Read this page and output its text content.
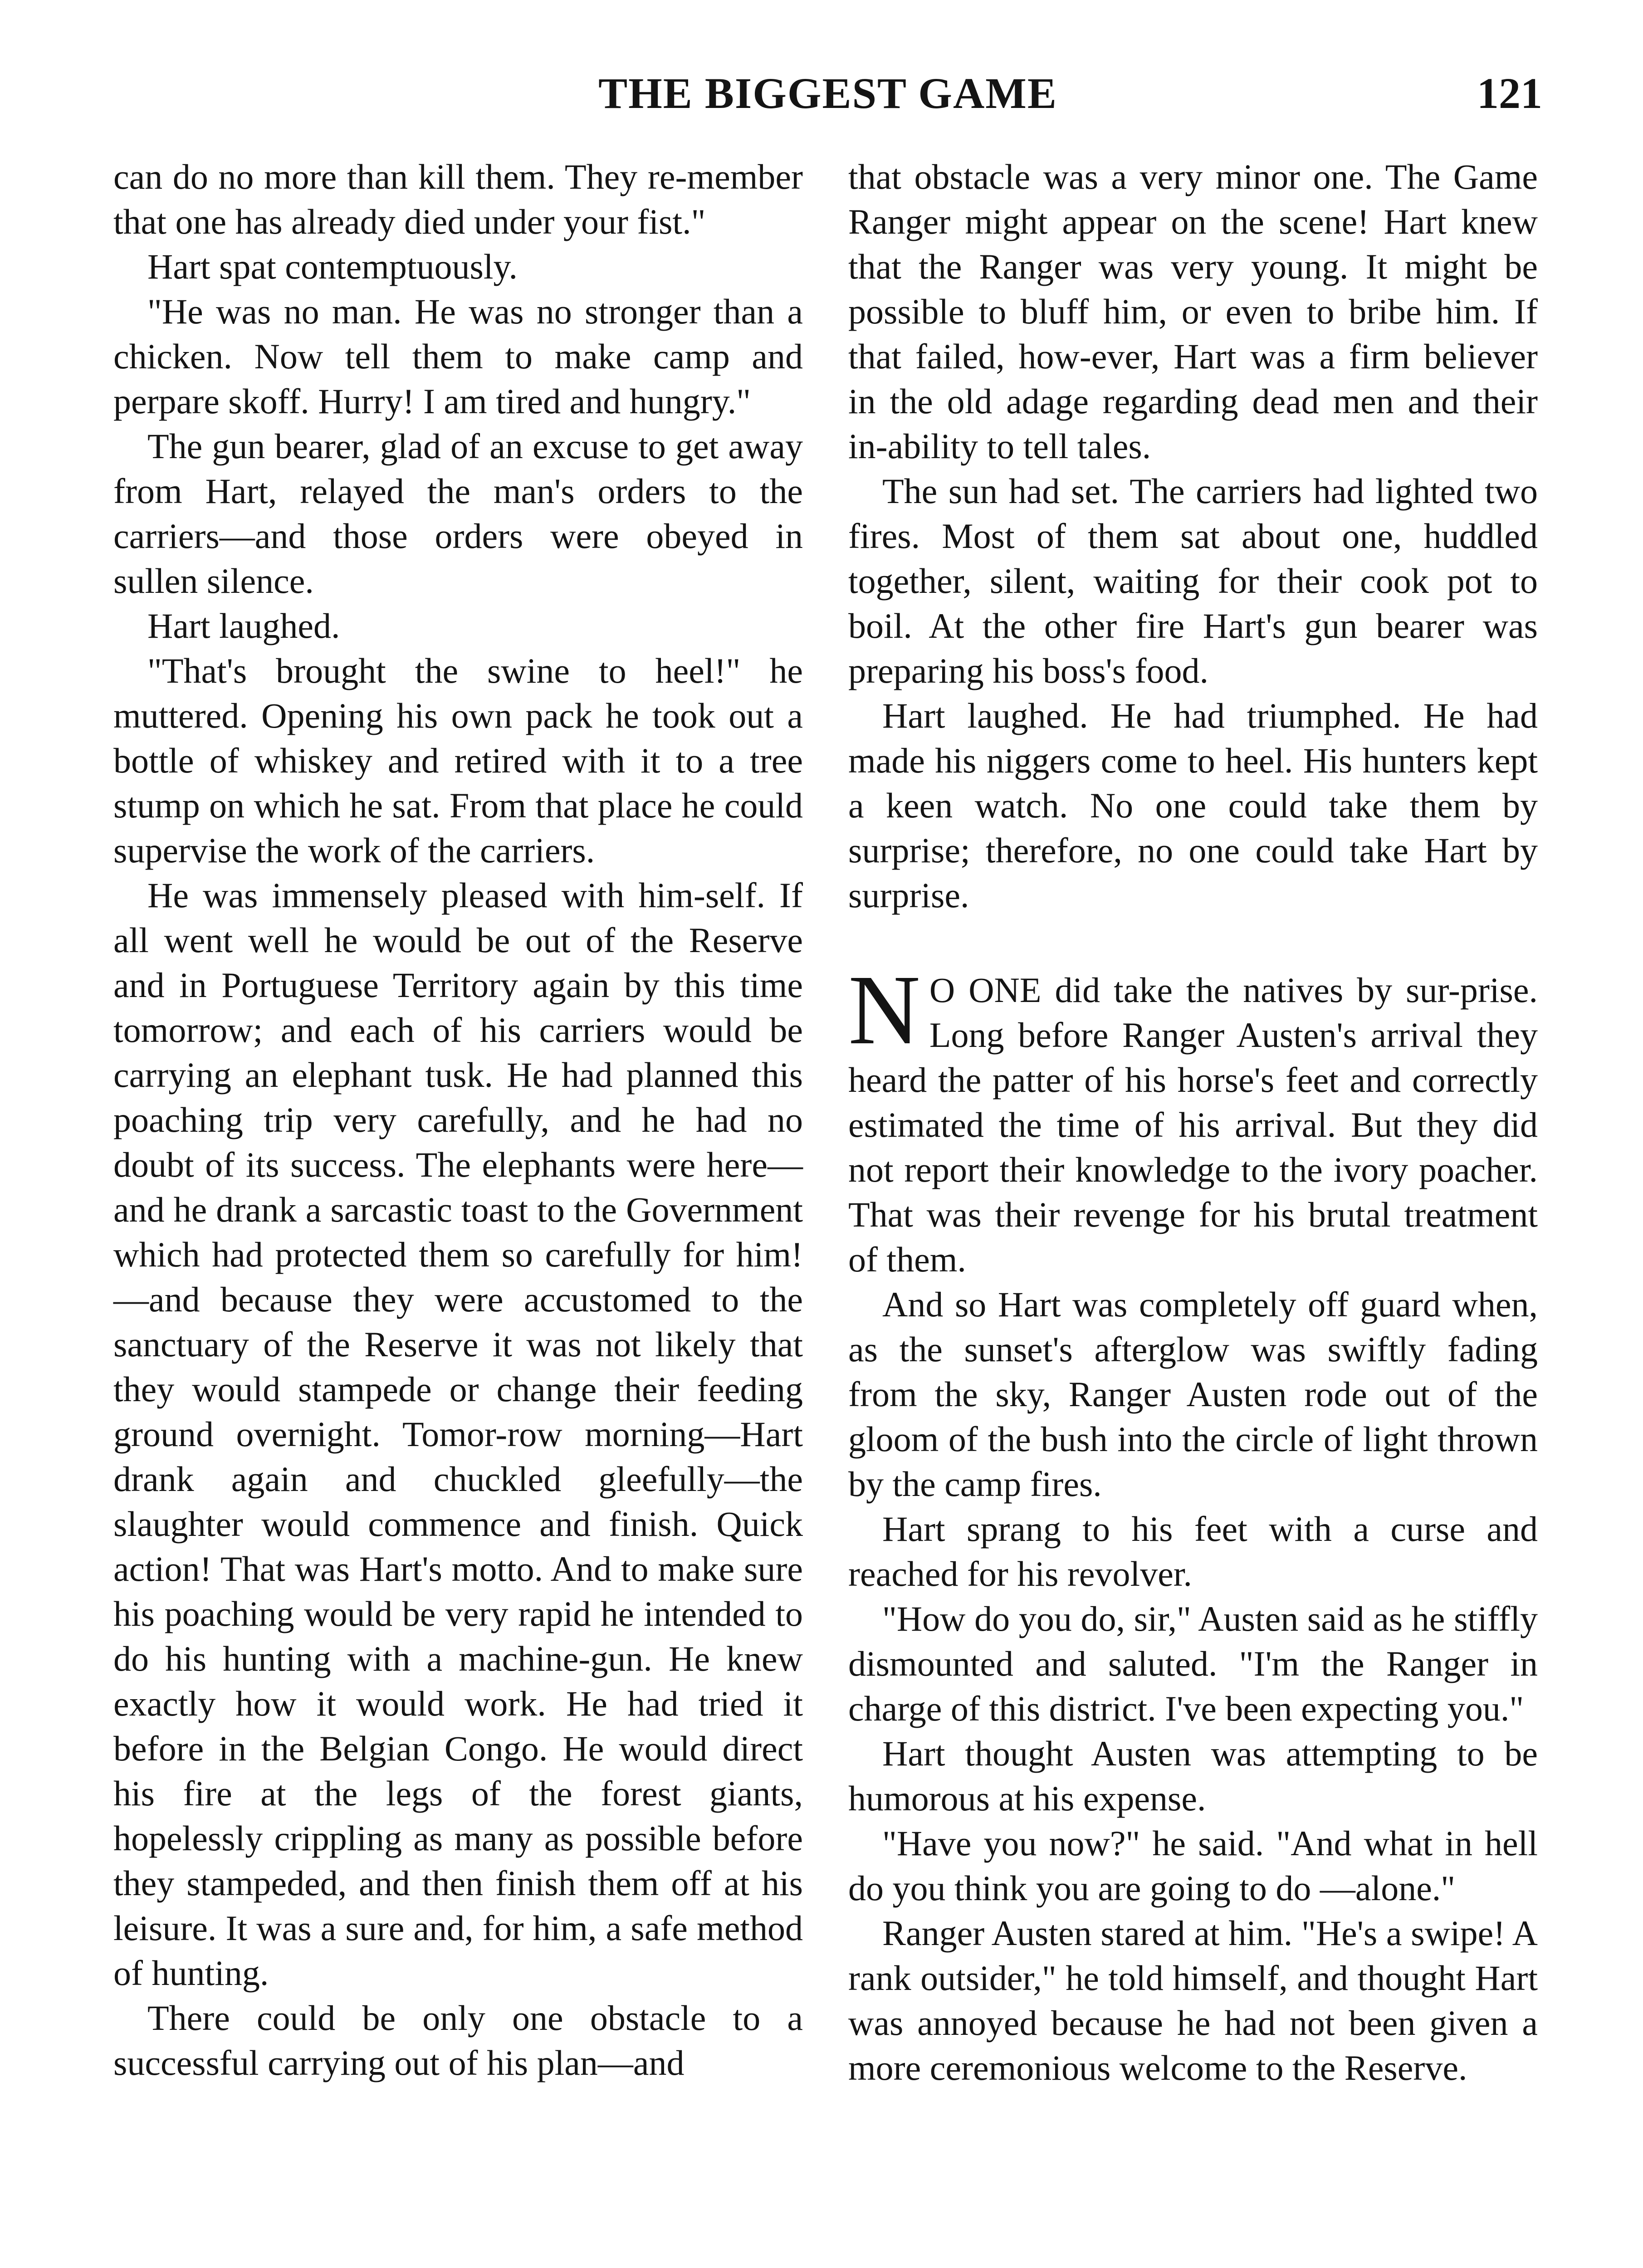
THE BIGGEST GAME	121

can do no more than kill them. They re-member that one has already died under your fist."

Hart spat contemptuously.

"He was no man. He was no stronger than a chicken. Now tell them to make camp and perpare skoff. Hurry! I am tired and hungry."

The gun bearer, glad of an excuse to get away from Hart, relayed the man's orders to the carriers—and those orders were obeyed in sullen silence.

Hart laughed.

"That's brought the swine to heel!" he muttered. Opening his own pack he took out a bottle of whiskey and retired with it to a tree stump on which he sat. From that place he could supervise the work of the carriers.

He was immensely pleased with him-self. If all went well he would be out of the Reserve and in Portuguese Territory again by this time tomorrow; and each of his carriers would be carrying an elephant tusk. He had planned this poaching trip very carefully, and he had no doubt of its success. The elephants were here—and he drank a sarcastic toast to the Government which had protected them so carefully for him!—and because they were accustomed to the sanctuary of the Reserve it was not likely that they would stampede or change their feeding ground overnight. Tomor-row morning—Hart drank again and chuckled gleefully—the slaughter would commence and finish. Quick action! That was Hart's motto. And to make sure his poaching would be very rapid he intended to do his hunting with a machine-gun. He knew exactly how it would work. He had tried it before in the Belgian Congo. He would direct his fire at the legs of the forest giants, hopelessly crippling as many as possible before they stampeded, and then finish them off at his leisure. It was a sure and, for him, a safe method of hunting.

There could be only one obstacle to a successful carrying out of his plan—and

that obstacle was a very minor one. The Game Ranger might appear on the scene! Hart knew that the Ranger was very young. It might be possible to bluff him, or even to bribe him. If that failed, how-ever, Hart was a firm believer in the old adage regarding dead men and their in-ability to tell tales.

The sun had set. The carriers had lighted two fires. Most of them sat about one, huddled together, silent, waiting for their cook pot to boil. At the other fire Hart's gun bearer was preparing his boss's food.

Hart laughed. He had triumphed. He had made his niggers come to heel. His hunters kept a keen watch. No one could take them by surprise; therefore, no one could take Hart by surprise.

N O ONE did take the natives by sur-prise. Long before Ranger Austen's arrival they heard the patter of his horse's feet and correctly estimated the time of his arrival. But they did not report their knowledge to the ivory poacher. That was their revenge for his brutal treatment of them.

And so Hart was completely off guard when, as the sunset's afterglow was swiftly fading from the sky, Ranger Austen rode out of the gloom of the bush into the circle of light thrown by the camp fires.

Hart sprang to his feet with a curse and reached for his revolver.

"How do you do, sir," Austen said as he stiffly dismounted and saluted. "I'm the Ranger in charge of this district. I've been expecting you."

Hart thought Austen was attempting to be humorous at his expense.

"Have you now?" he said. "And what in hell do you think you are going to do —alone."

Ranger Austen stared at him. "He's a swipe! A rank outsider," he told himself, and thought Hart was annoyed because he had not been given a more ceremonious welcome to the Reserve.
